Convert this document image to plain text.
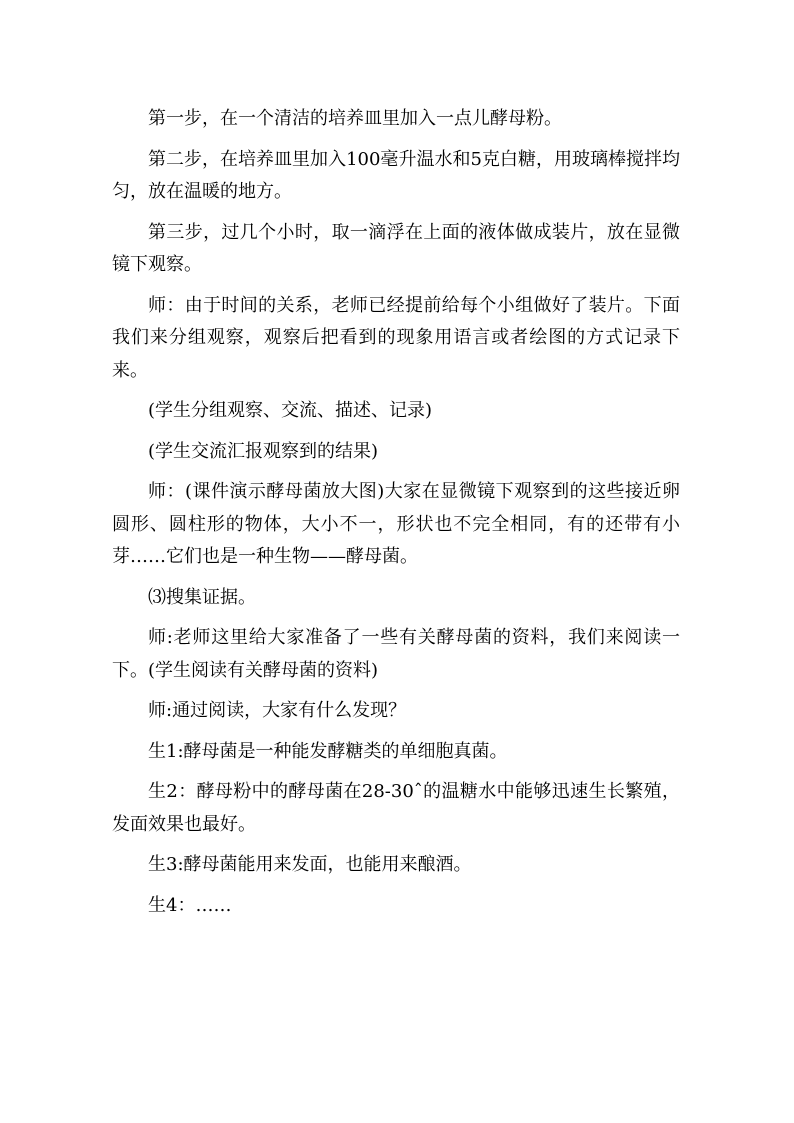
第一步，在一个清洁的培养皿里加入一点儿酵母粉。

第二步，在培养皿里加入100毫升温水和5克白糖，用玻璃棒搅拌均匀，放在温暖的地方。

第三步，过几个小时，取一滴浮在上面的液体做成装片，放在显微镜下观察。

师：由于时间的关系，老师已经提前给每个小组做好了装片。下面我们来分组观察，观察后把看到的现象用语言或者绘图的方式记录下来。

(学生分组观察、交流、描述、记录)

(学生交流汇报观察到的结果)

师：(课件演示酵母菌放大图)大家在显微镜下观察到的这些接近卵圆形、圆柱形的物体，大小不一，形状也不完全相同，有的还带有小芽……它们也是一种生物——酵母菌。

⑶搜集证据。

师:老师这里给大家准备了一些有关酵母菌的资料，我们来阅读一下。(学生阅读有关酵母菌的资料)

师:通过阅读，大家有什么发现？

生1:酵母菌是一种能发酵糖类的单细胞真菌。

生2：酵母粉中的酵母菌在28-30ˆ的温糖水中能够迅速生长繁殖，发面效果也最好。

生3:酵母菌能用来发面，也能用来酿酒。

生4：……
